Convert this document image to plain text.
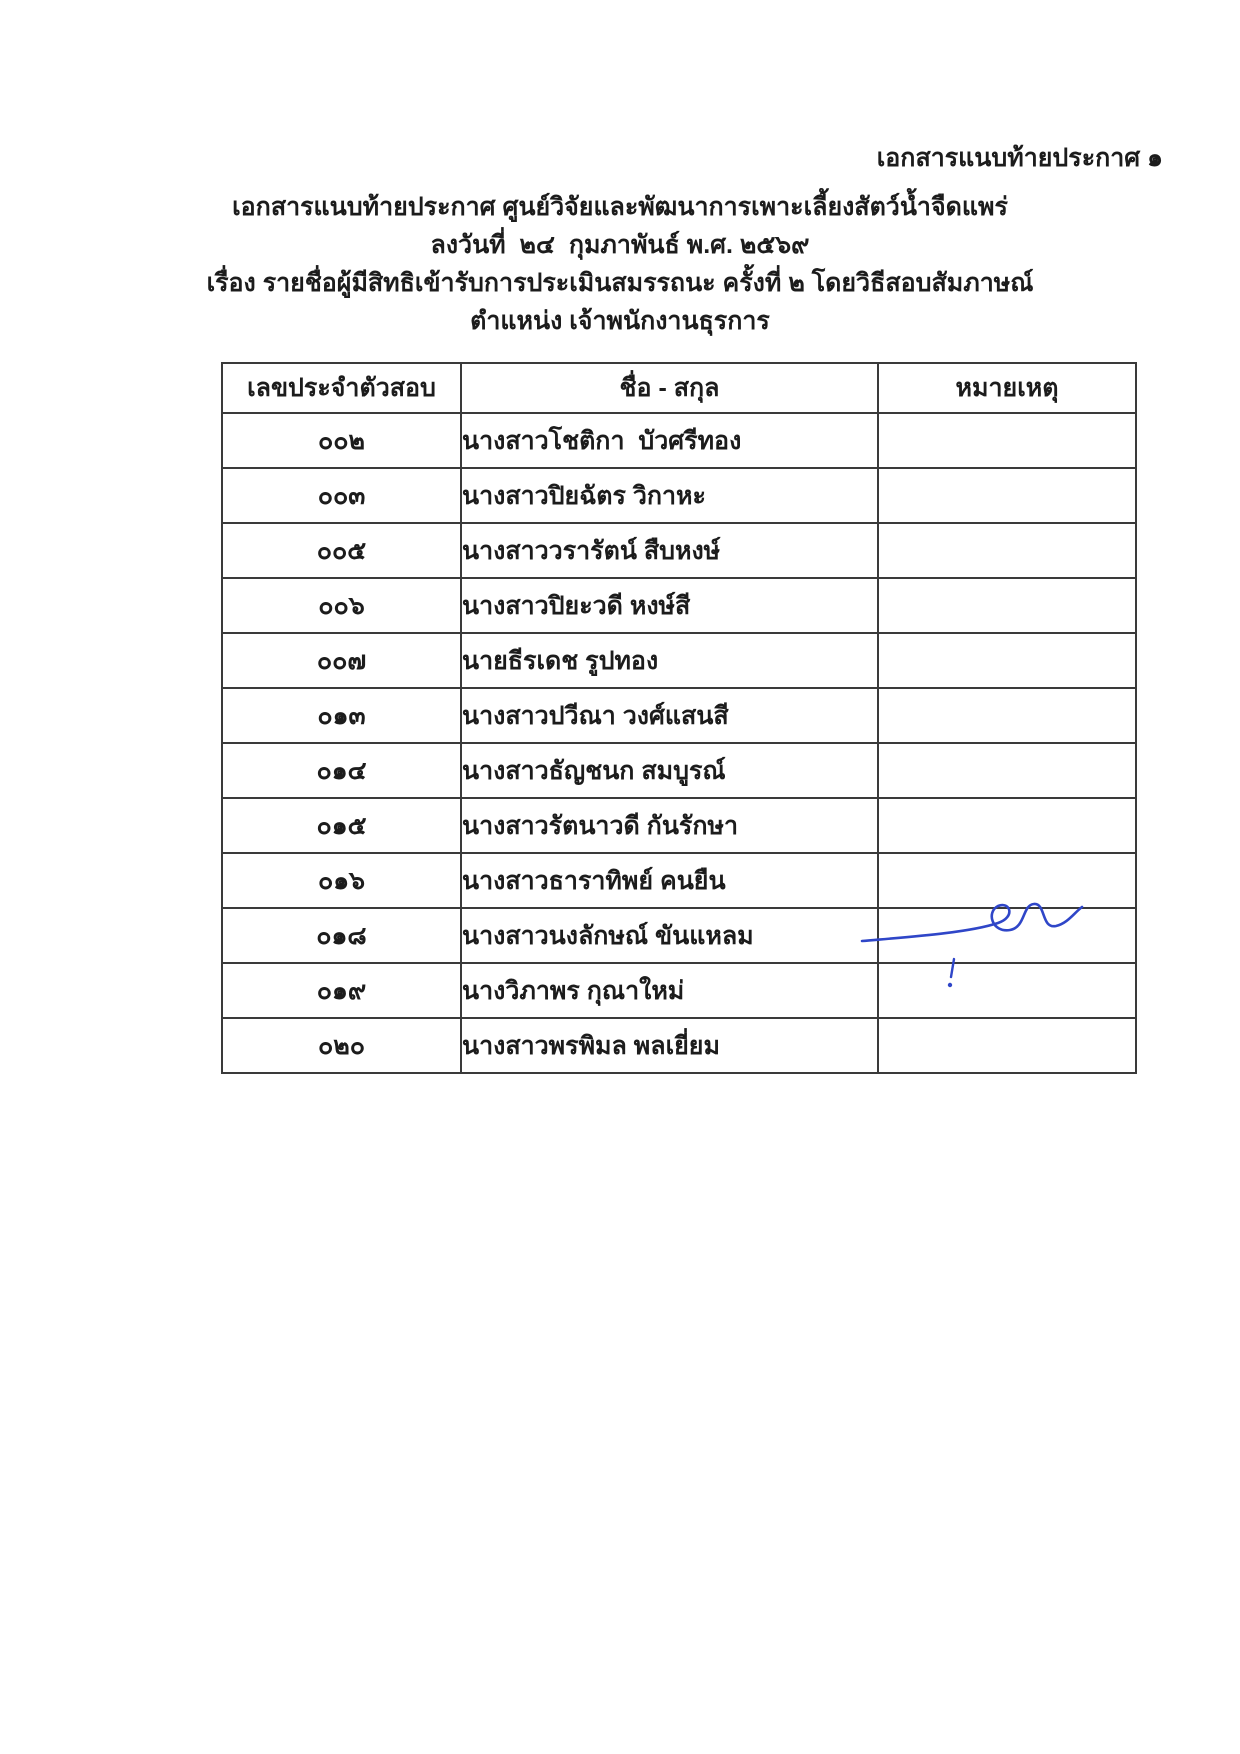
เอกสารแนบท้ายประกาศ ๑
เอกสารแนบท้ายประกาศ ศูนย์วิจัยและพัฒนาการเพาะเลี้ยงสัตว์น้ำจืดแพร่
ลงวันที่  ๒๔  กุมภาพันธ์ พ.ศ. ๒๕๖๙
เรื่อง รายชื่อผู้มีสิทธิเข้ารับการประเมินสมรรถนะ ครั้งที่ ๒ โดยวิธีสอบสัมภาษณ์
ตำแหน่ง เจ้าพนักงานธุรการ
เลขประจำตัวสอบ	ชื่อ - สกุล	หมายเหตุ
๐๐๒	นางสาวโชติกา  บัวศรีทอง	
๐๐๓	นางสาวปิยฉัตร วิกาหะ	
๐๐๕	นางสาววรารัตน์ สืบหงษ์	
๐๐๖	นางสาวปิยะวดี หงษ์สี	
๐๐๗	นายธีรเดช รูปทอง	
๐๑๓	นางสาวปวีณา วงศ์แสนสี	
๐๑๔	นางสาวธัญชนก สมบูรณ์	
๐๑๕	นางสาวรัตนาวดี กันรักษา	
๐๑๖	นางสาวธาราทิพย์ คนยืน	
๐๑๘	นางสาวนงลักษณ์ ขันแหลม	
๐๑๙	นางวิภาพร กุณาใหม่	
๐๒๐	นางสาวพรพิมล พลเยี่ยม	
